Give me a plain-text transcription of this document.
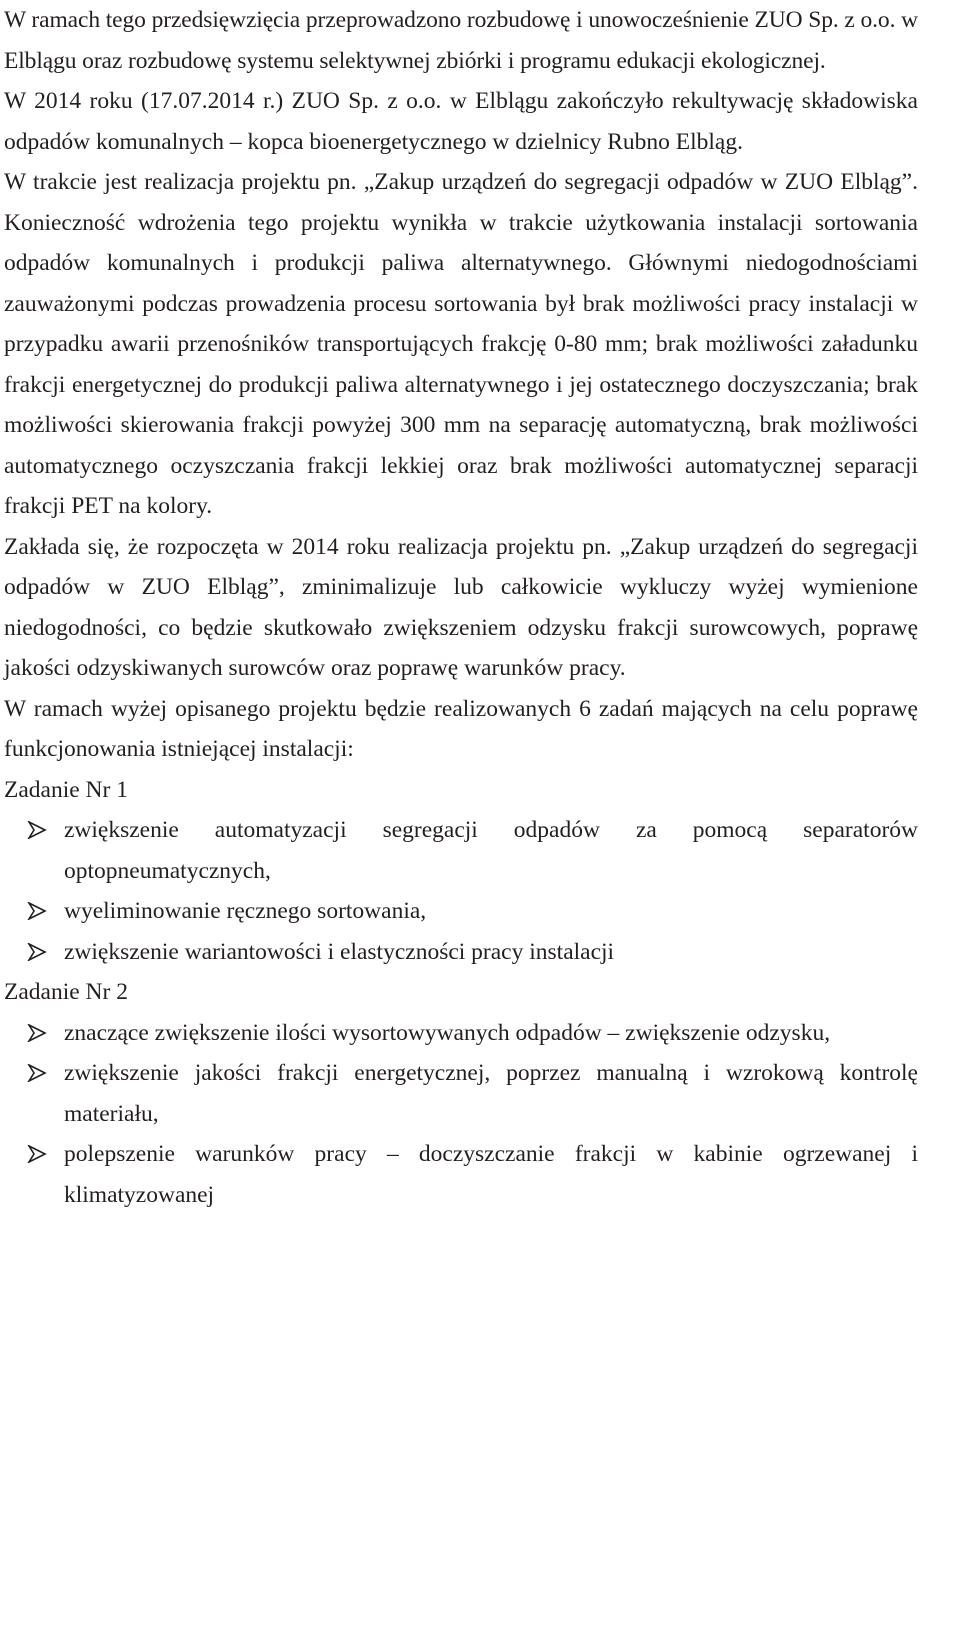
W ramach tego przedsięwzięcia przeprowadzono rozbudowę i unowocześnienie ZUO Sp. z o.o. w Elblągu oraz rozbudowę systemu selektywnej zbiórki i programu edukacji ekologicznej.

W 2014 roku (17.07.2014 r.) ZUO Sp. z o.o. w Elblągu zakończyło rekultywację składowiska odpadów komunalnych – kopca bioenergetycznego w dzielnicy Rubno Elbląg.

W trakcie jest realizacja projektu pn. „Zakup urządzeń do segregacji odpadów w ZUO Elbląg”. Konieczność wdrożenia tego projektu wynikła w trakcie użytkowania instalacji sortowania odpadów komunalnych i produkcji paliwa alternatywnego. Głównymi niedogodnościami zauważonymi podczas prowadzenia procesu sortowania był brak możliwości pracy instalacji w przypadku awarii przenośników transportujących frakcję 0-80 mm; brak możliwości załadunku frakcji energetycznej do produkcji paliwa alternatywnego i jej ostatecznego doczyszczania; brak możliwości skierowania frakcji powyżej 300 mm na separację automatyczną, brak możliwości automatycznego oczyszczania frakcji lekkiej oraz brak możliwości automatycznej separacji frakcji PET na kolory.

Zakłada się, że rozpoczęta w 2014 roku realizacja projektu pn. „Zakup urządzeń do segregacji odpadów w ZUO Elbląg”, zminimalizuje lub całkowicie wykluczy wyżej wymienione niedogodności, co będzie skutkowało zwiększeniem odzysku frakcji surowcowych, poprawę jakości odzyskiwanych surowców oraz poprawę warunków pracy.

W ramach wyżej opisanego projektu będzie realizowanych 6 zadań mających na celu poprawę funkcjonowania istniejącej instalacji:

Zadanie Nr 1

zwiększenie automatyzacji segregacji odpadów za pomocą separatorów optopneumatycznych,
wyeliminowanie ręcznego sortowania,
zwiększenie wariantowości i elastyczności pracy instalacji

Zadanie Nr 2

znaczące zwiększenie ilości wysortowywanych odpadów – zwiększenie odzysku,
zwiększenie jakości frakcji energetycznej, poprzez manualną i wzrokową kontrolę materiału,
polepszenie warunków pracy – doczyszczanie frakcji w kabinie ogrzewanej i klimatyzowanej
